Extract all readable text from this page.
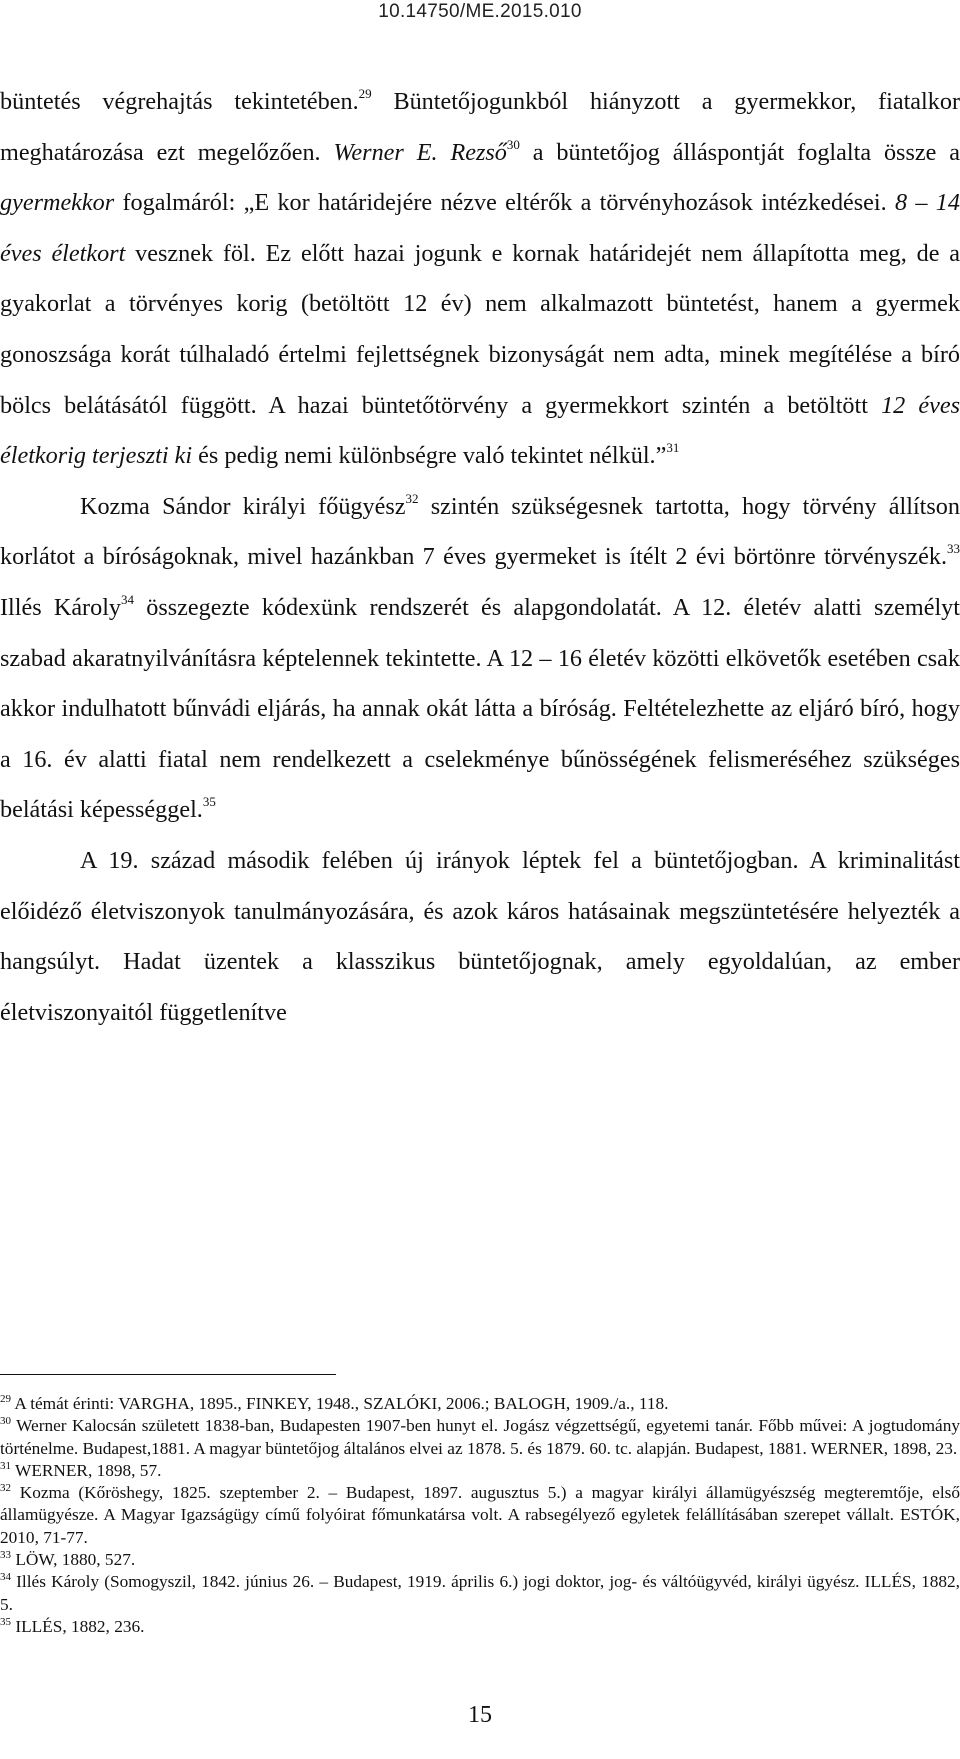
10.14750/ME.2015.010

büntetés végrehajtás tekintetében.$^{29}$ Büntetőjogunkból hiányzott a gyermekkor, fiatalkor meghatározása ezt megelőzően. Werner E. Rezső$^{30}$ a büntetőjog álláspontját foglalta össze a gyermekkor fogalmáról: „E kor határidejére nézve eltérők a törvényhozások intézkedései. 8 – 14 éves életkort vesznek föl. Ez előtt hazai jogunk e kornak határidejét nem állapította meg, de a gyakorlat a törvényes korig (betöltött 12 év) nem alkalmazott büntetést, hanem a gyermek gonoszsága korát túlhaladó értelmi fejlettségnek bizonyságát nem adta, minek megítélése a bíró bölcs belátásától függött. A hazai büntetőtörvény a gyermekkort szintén a betöltött 12 éves életkorig terjeszti ki és pedig nemi különbségre való tekintet nélkül.”$^{31}$

Kozma Sándor királyi főügyész$^{32}$ szintén szükségesnek tartotta, hogy törvény állítson korlátot a bíróságoknak, mivel hazánkban 7 éves gyermeket is ítélt 2 évi börtönre törvényszék.$^{33}$ Illés Károly$^{34}$ összegezte kódexünk rendszerét és alapgondolatát. A 12. életév alatti személyt szabad akaratnyilvánításra képtelennek tekintette. A 12 – 16 életév közötti elkövetők esetében csak akkor indulhatott bűnvádi eljárás, ha annak okát látta a bíróság. Feltételezhette az eljáró bíró, hogy a 16. év alatti fiatal nem rendelkezett a cselekménye bűnösségének felismeréséhez szükséges belátási képességgel.$^{35}$

A 19. század második felében új irányok léptek fel a büntetőjogban. A kriminalitást előidéző életviszonyok tanulmányozására, és azok káros hatásainak megszüntetésére helyezték a hangsúlyt. Hadat üzentek a klasszikus büntetőjognak, amely egyoldalúan, az ember életviszonyaitól függetlenítve

$^{29}$ A témát érinti: VARGHA, 1895., FINKEY, 1948., SZALÓKI, 2006.; BALOGH, 1909./a., 118.

$^{30}$ Werner Kalocsán született 1838-ban, Budapesten 1907-ben hunyt el. Jogász végzettségű, egyetemi tanár. Főbb művei: A jogtudomány történelme. Budapest,1881. A magyar büntetőjog általános elvei az 1878. 5. és 1879. 60. tc. alapján. Budapest, 1881. WERNER, 1898, 23.

$^{31}$ WERNER, 1898, 57.

$^{32}$ Kozma (Kőröshegy, 1825. szeptember 2. – Budapest, 1897. augusztus 5.) a magyar királyi államügyészség megteremtője, első államügyésze. A Magyar Igazságügy című folyóirat főmunkatársa volt. A rabsegélyező egyletek felállításában szerepet vállalt. ESTÓK, 2010, 71-77.

$^{33}$ LÖW, 1880, 527.

$^{34}$ Illés Károly (Somogyszil, 1842. június 26. – Budapest, 1919. április 6.) jogi doktor, jog- és váltóügyvéd, királyi ügyész. ILLÉS, 1882, 5.

$^{35}$ ILLÉS, 1882, 236.

15
